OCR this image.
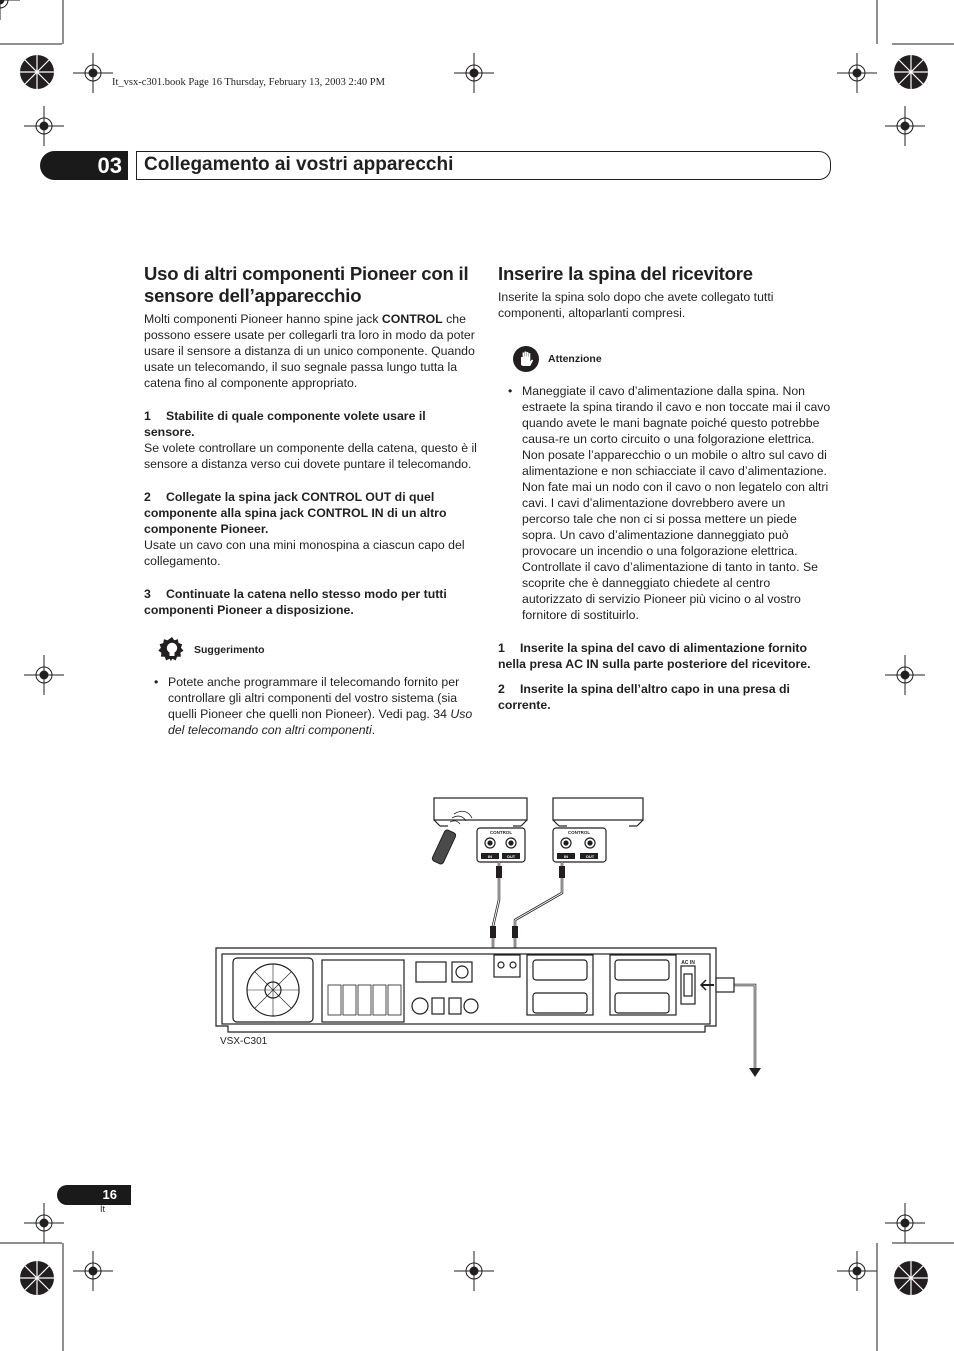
It_vsx-c301.book Page 16 Thursday, February 13, 2003 2:40 PM
03	Collegamento ai vostri apparecchi
Uso di altri componenti Pioneer con il sensore dell’apparecchio

Molti componenti Pioneer hanno spine jack CONTROL che possono essere usate per collegarli tra loro in modo da poter usare il sensore a distanza di un unico componente. Quando usate un telecomando, il suo segnale passa lungo tutta la catena fino al componente appropriato.

1 Stabilite di quale componente volete usare il sensore.

Se volete controllare un componente della catena, questo è il sensore a distanza verso cui dovete puntare il telecomando.

2 Collegate la spina jack CONTROL OUT di quel componente alla spina jack CONTROL IN di un altro componente Pioneer.

Usate un cavo con una mini monospina a ciascun capo del collegamento.

3 Continuate la catena nello stesso modo per tutti componenti Pioneer a disposizione.

Suggerimento
• Potete anche programmare il telecomando fornito per controllare gli altri componenti del vostro sistema (sia quelli Pioneer che quelli non Pioneer). Vedi pag. 34 Uso del telecomando con altri componenti.
Inserire la spina del ricevitore

Inserite la spina solo dopo che avete collegato tutti componenti, altoparlanti compresi.

Attenzione
• Maneggiate il cavo d’alimentazione dalla spina. Non estraete la spina tirando il cavo e non toccate mai il cavo quando avete le mani bagnate poiché questo potrebbe causa-re un corto circuito o una folgorazione elettrica. Non posate l’apparecchio o un mobile o altro sul cavo di alimentazione e non schiacciate il cavo d’alimentazione. Non fate mai un nodo con il cavo o non legatelo con altri cavi. I cavi d’alimentazione dovrebbero avere un percorso tale che non ci si possa mettere un piede sopra. Un cavo d’alimentazione danneggiato può provocare un incendio o una folgorazione elettrica. Controllate il cavo d’alimentazione di tanto in tanto. Se scoprite che è danneggiato chiedete al centro autorizzato di servizio Pioneer più vicino o al vostro fornitore di sostituirlo.

1 Inserite la spina del cavo di alimentazione fornito nella presa AC IN sulla parte posteriore del ricevitore.

2 Inserite la spina dell’altro capo in una presa di corrente.

IN	OUT	IN	OUT
CONTROL	CONTROL
AC IN
VSX-C301
16
It
